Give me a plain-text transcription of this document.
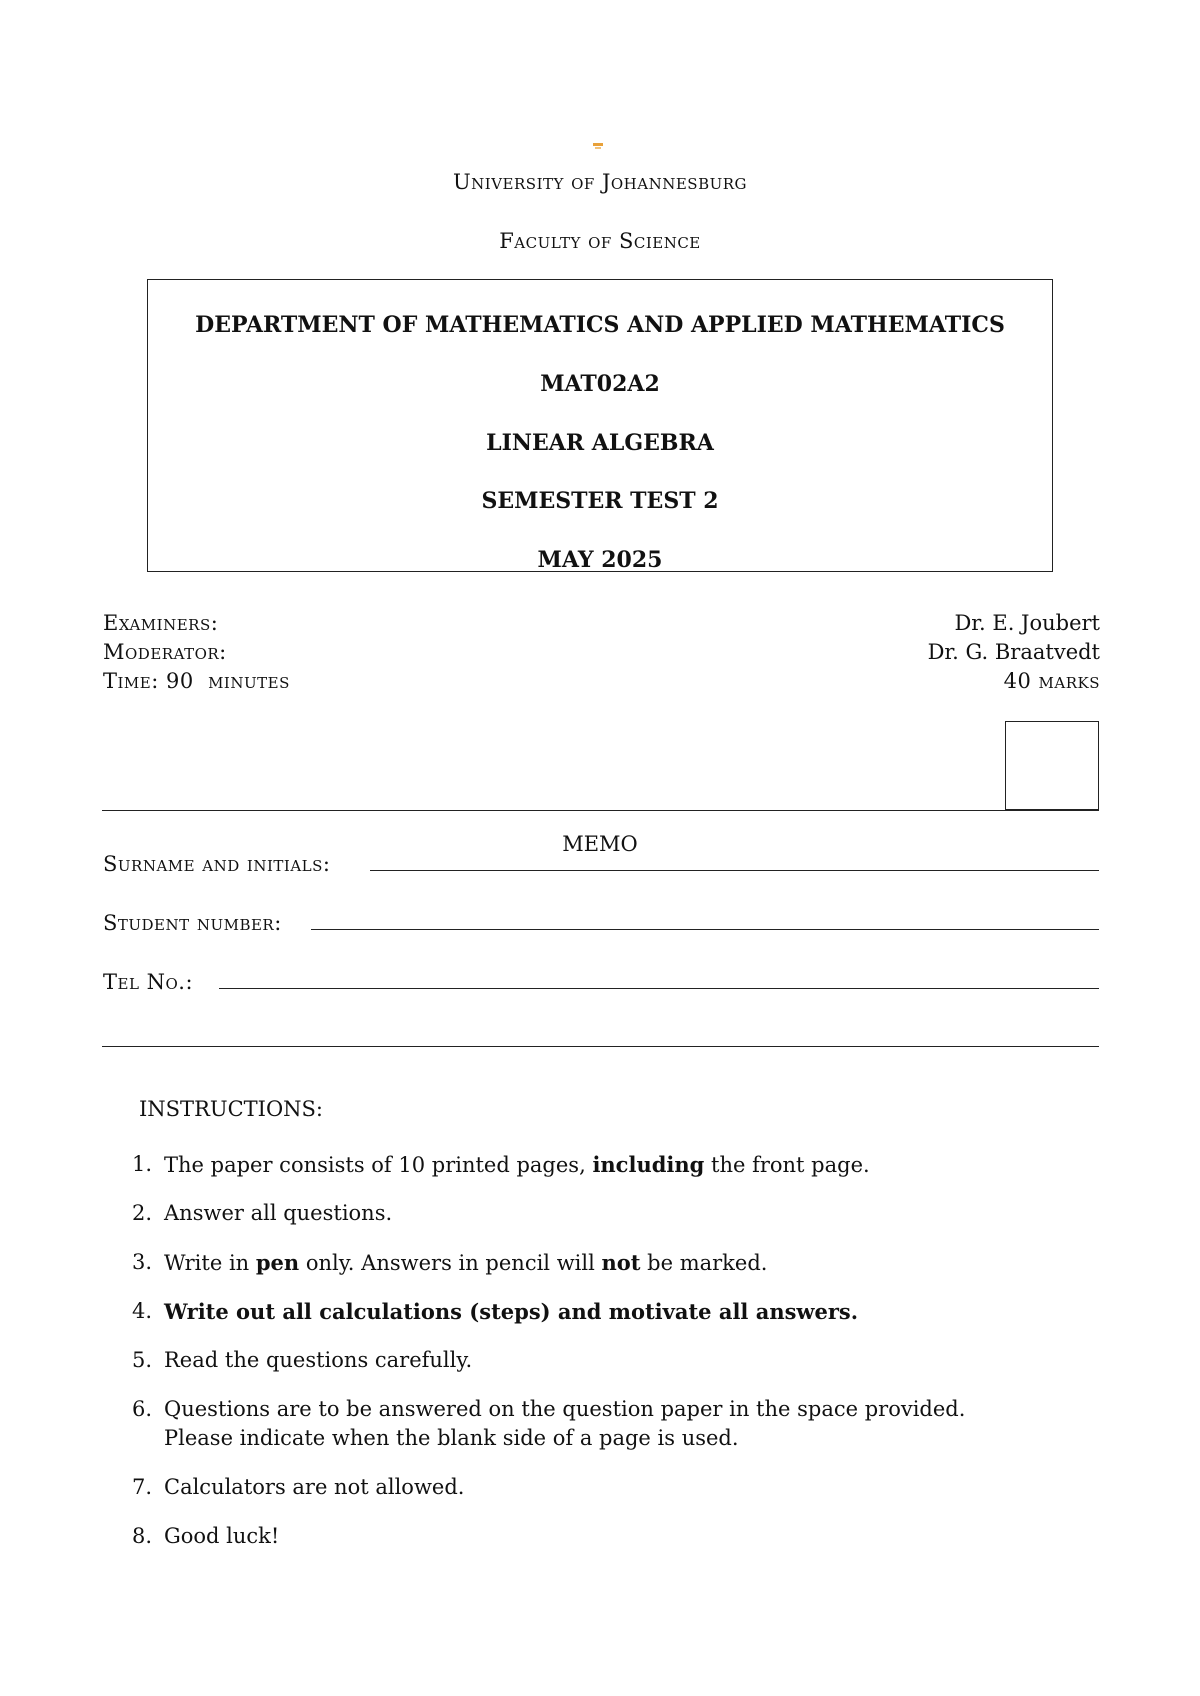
University of Johannesburg
Faculty of Science
DEPARTMENT OF MATHEMATICS AND APPLIED MATHEMATICS
MAT02A2
LINEAR ALGEBRA
SEMESTER TEST 2
MAY 2025
Examiners:	Dr. E. Joubert
Moderator:	Dr. G. Braatvedt
Time: 90  minutes	40 marks
MEMO
Surname and initials:
Student number:
Tel No.:
INSTRUCTIONS:
1. The paper consists of 10 printed pages, including the front page.
2. Answer all questions.
3. Write in pen only. Answers in pencil will not be marked.
4. Write out all calculations (steps) and motivate all answers.
5. Read the questions carefully.
6. Questions are to be answered on the question paper in the space provided.
Please indicate when the blank side of a page is used.
7. Calculators are not allowed.
8. Good luck!
